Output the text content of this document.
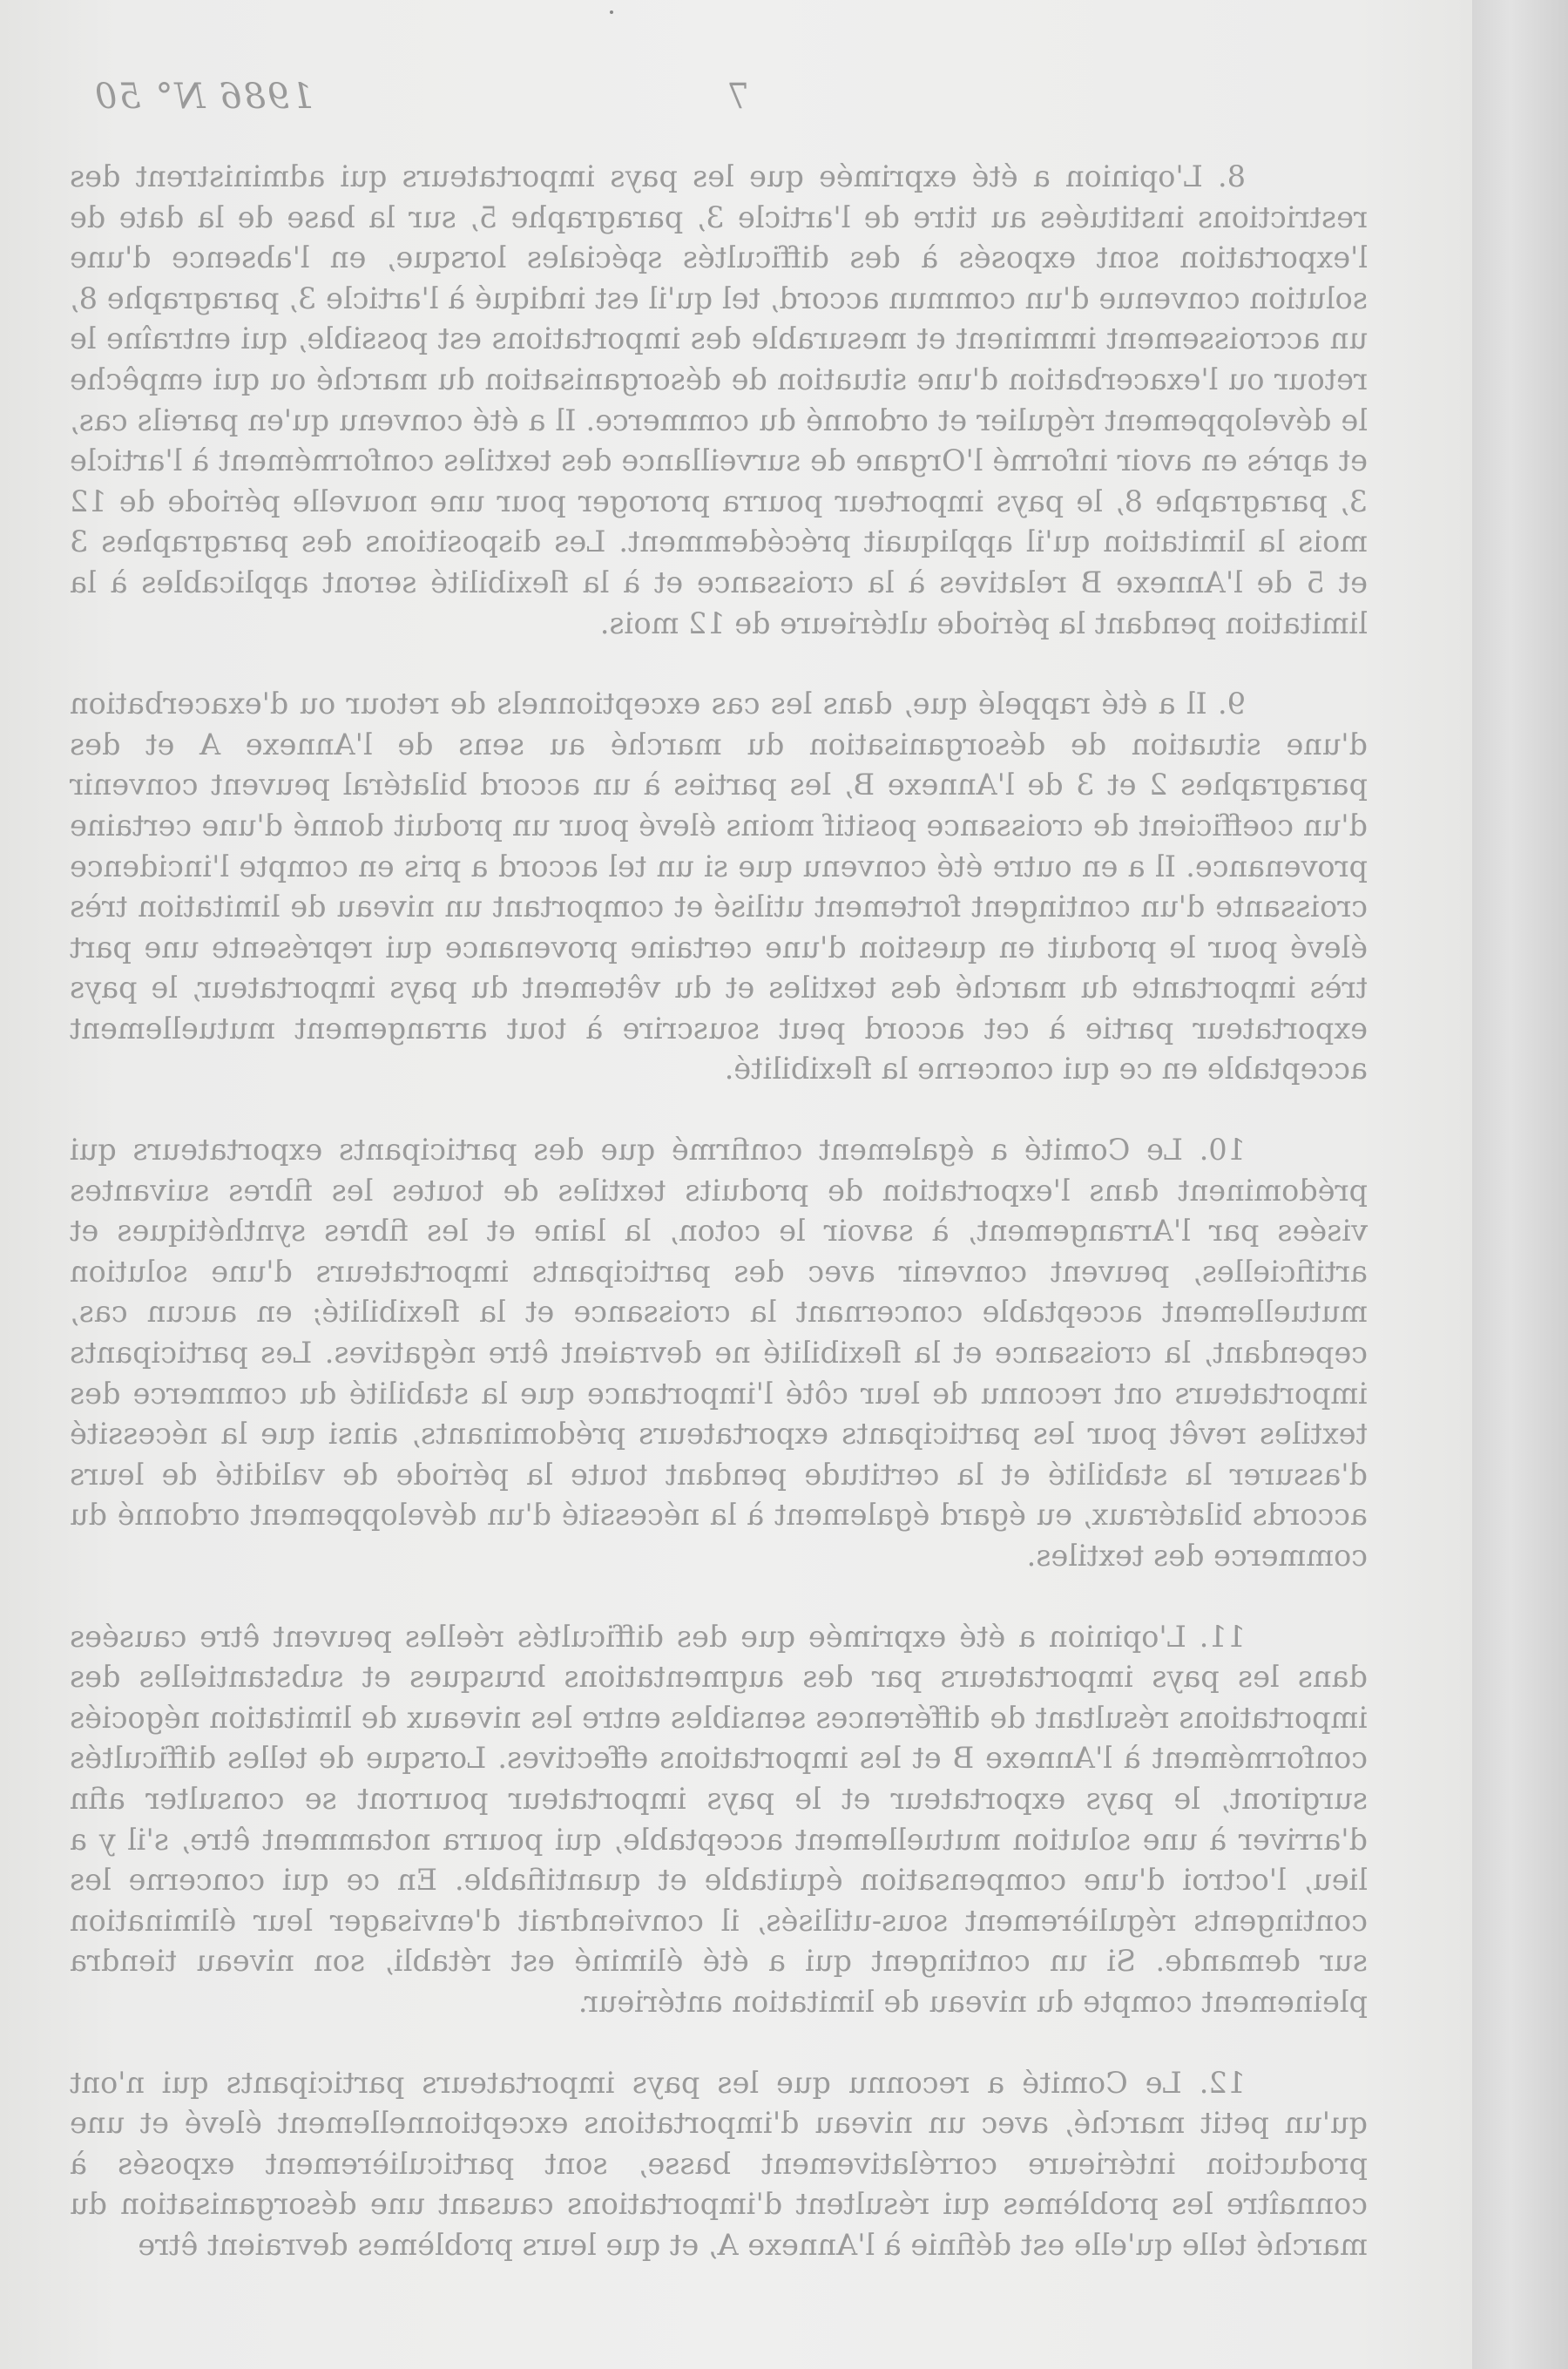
1986 N° 50	7

8. L'opinion a été exprimée que les pays importateurs qui administrent des restrictions instituées au titre de l'article 3, paragraphe 5, sur la base de la date de l'exportation sont exposés à des difficultés spéciales lorsque, en l'absence d'une solution convenue d'un commun accord, tel qu'il est indiqué à l'article 3, paragraphe 8, un accroissement imminent et mesurable des importations est possible, qui entraîne le retour ou l'exacerbation d'une situation de désorganisation du marché ou qui empêche le développement régulier et ordonné du commerce. Il a été convenu qu'en pareils cas, et après en avoir informé l'Organe de surveillance des textiles conformément à l'article 3, paragraphe 8, le pays importeur pourra proroger pour une nouvelle période de 12 mois la limitation qu'il appliquait précédemment. Les dispositions des paragraphes 3 et 5 de l'Annexe B relatives à la croissance et à la flexibilité seront applicables à la limitation pendant la période ultérieure de 12 mois.

9. Il a été rappelé que, dans les cas exceptionnels de retour ou d'exacerbation d'une situation de désorganisation du marché au sens de l'Annexe A et des paragraphes 2 et 3 de l'Annexe B, les parties à un accord bilatéral peuvent convenir d'un coefficient de croissance positif moins élevé pour un produit donné d'une certaine provenance. Il a en outre été convenu que si un tel accord a pris en compte l'incidence croissante d'un contingent fortement utilisé et comportant un niveau de limitation très élevé pour le produit en question d'une certaine provenance qui représente une part très importante du marché des textiles et du vêtement du pays importateur, le pays exportateur partie à cet accord peut souscrire à tout arrangement mutuellement acceptable en ce qui concerne la flexibilité.

10. Le Comité a également confirmé que des participants exportateurs qui prédominent dans l'exportation de produits textiles de toutes les fibres suivantes visées par l'Arrangement, à savoir le coton, la laine et les fibres synthétiques et artificielles, peuvent convenir avec des participants importateurs d'une solution mutuellement acceptable concernant la croissance et la flexibilité; en aucun cas, cependant, la croissance et la flexibilité ne devraient être négatives. Les participants importateurs ont reconnu de leur côté l'importance que la stabilité du commerce des textiles revêt pour les participants exportateurs prédominants, ainsi que la nécessité d'assurer la stabilité et la certitude pendant toute la période de validité de leurs accords bilatéraux, eu égard également à la nécessité d'un développement ordonné du commerce des textiles.

11. L'opinion a été exprimée que des difficultés réelles peuvent être causées dans les pays importateurs par des augmentations brusques et substantielles des importations résultant de différences sensibles entre les niveaux de limitation négociés conformément à l'Annexe B et les importations effectives. Lorsque de telles difficultés surgiront, le pays exportateur et le pays importateur pourront se consulter afin d'arriver à une solution mutuellement acceptable, qui pourra notamment être, s'il y a lieu, l'octroi d'une compensation équitable et quantifiable. En ce qui concerne les contingents régulièrement sous-utilisés, il conviendrait d'envisager leur élimination sur demande. Si un contingent qui a été éliminé est rétabli, son niveau tiendra pleinement compte du niveau de limitation antérieur.

12. Le Comité a reconnu que les pays importateurs participants qui n'ont qu'un petit marché, avec un niveau d'importations exceptionnellement élevé et une production intérieure corrélativement basse, sont particulièrement exposés à connaître les problèmes qui résultent d'importations causant une désorganisation du marché telle qu'elle est définie à l'Annexe A, et que leurs problèmes devraient être
